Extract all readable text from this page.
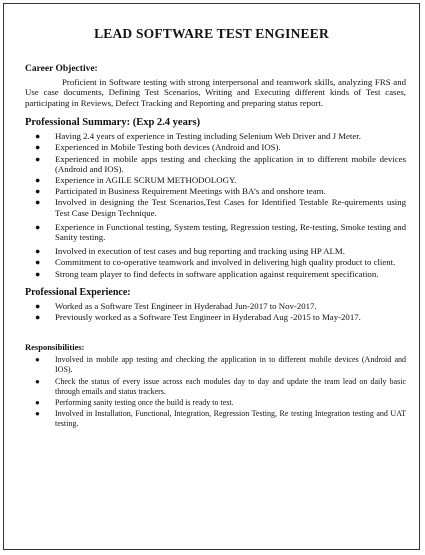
LEAD SOFTWARE TEST ENGINEER

Career Objective:

Proficient in Software testing with strong interpersonal and teamwork skills, analyzing FRS and Use case documents, Defining Test Scenarios, Writing and Executing different kinds of Test cases, participating in Reviews, Defect Tracking and Reporting and preparing status report.

Professional Summary: (Exp 2.4 years)

● Having 2.4 years of experience in Testing including Selenium Web Driver and J Meter.
● Experienced in Mobile Testing both devices (Android and IOS).
● Experienced in mobile apps testing and checking the application in to different mobile devices (Android and IOS).
● Experience in AGILE SCRUM METHODOLOGY.
● Participated in Business Requirement Meetings with BA’s and onshore team.
● Involved in designing the Test Scenarios,Test Cases for Identified Testable Re-quirements using Test Case Design Technique.
● Experience in Functional testing, System testing, Regression testing, Re-testing, Smoke testing and Sanity testing.
● Involved in execution of test cases and bug reporting and tracking using HP ALM.
● Commitment to co-operative teamwork and involved in delivering high quality product to client.
● Strong team player to find defects in software application against requirement specification.

Professional Experience:

● Worked as a Software Test Engineer in Hyderabad Jun-2017 to Nov-2017.
● Previously worked as a Software Test Engineer in Hyderabad Aug -2015 to May-2017.

Responsibilities:

● Involved in mobile app testing and checking the application in to different mobile devices (Android and IOS).
● Check the status of every issue across each modules day to day and update the team lead on daily basic through emails and status trackers.
● Performing sanity testing once the build is ready to test.
● Involved in Installation, Functional, Integration, Regression Testing, Re testing Integration testing and UAT testing.
